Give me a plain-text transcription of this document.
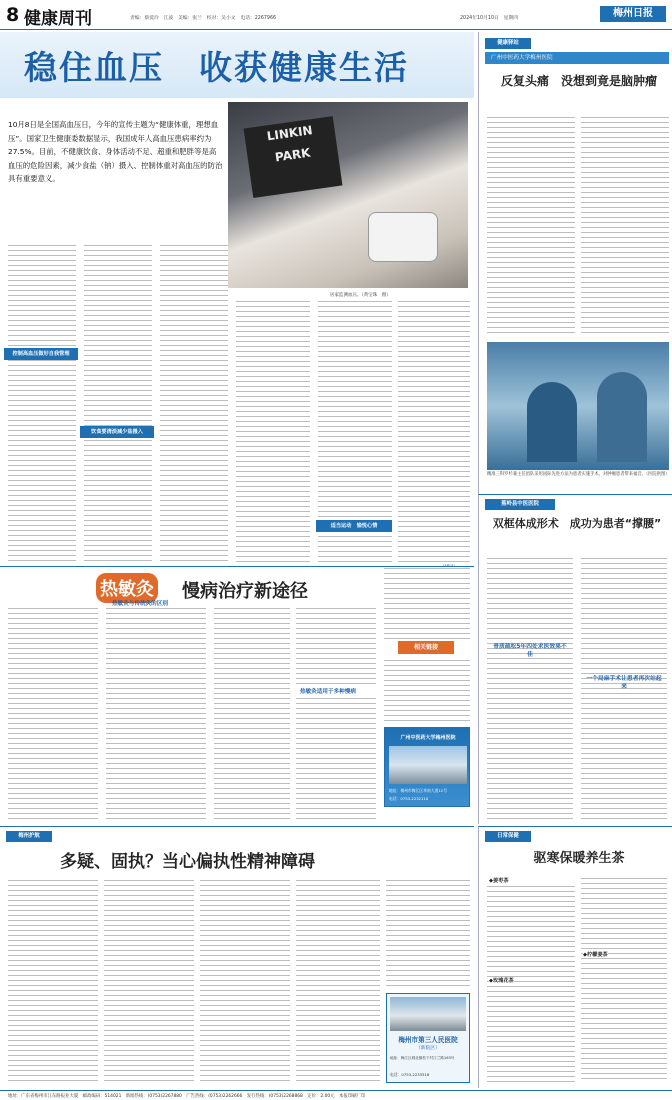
8 健康周刊	责编：蔡爱玲　江波　美编：张兰　校对：吴小文　电话：2267966	2024年10月10日　星期四	梅州日报
稳住血压　收获健康生活
10月8日是全国高血压日，今年的宣传主题为“健康体重，理想血压”。国家卫生健康委数据显示，我国成年人高血压患病率约为27.5%。目前，不健康饮食、身体活动不足、超重和肥胖等是高血压的危险因素，减少食盐（钠）摄入、控制体重对高血压的防治具有重要意义。
LINKIN
PARK
居家监测血压。（黄宝珠　摄）
控制高血压做好自我管理
饮食要清淡减少盐摄入
适当运动　愉悦心情
健康驿站
广州中医药大学梅州医院
反复头痛　没想到竟是脑肿瘤
精准三科罗杉兼主任团队采用国际先进方法为患者实施手术，对肿瘤患者带来福音。（医院供图）
蕉岭县中医医院
双框体成形术　成功为患者“撑腰”
骨质疏松5年四处求医效果不佳
一个局麻手术让患者再次站起来
热敏灸 慢病治疗新途径
热敏灸与传统灸的区别
热敏灸适用于多种慢病
相关链接
广州中医药大学梅州医院
地址：梅州市梅江区华南大道12号
电话：0753-2232110
梅州护航
多疑、固执？当心偏执性精神障碍
梅州市第三人民医院
（新院区）
地址：梅江区城北镇松下村江兰路163号
电话：0753-2233518
日常保健
驱寒保暖养生茶
◆姜枣茶
◆玫瑰花茶
◆柠檬姜茶
地址：广东省梅州市江东路报业大厦　邮政编码：514021　新闻热线：(0753)2267880　广告热线：(0753)2262666　发行热线：(0753)2268868　定价：2.00元　本报印刷厂印
